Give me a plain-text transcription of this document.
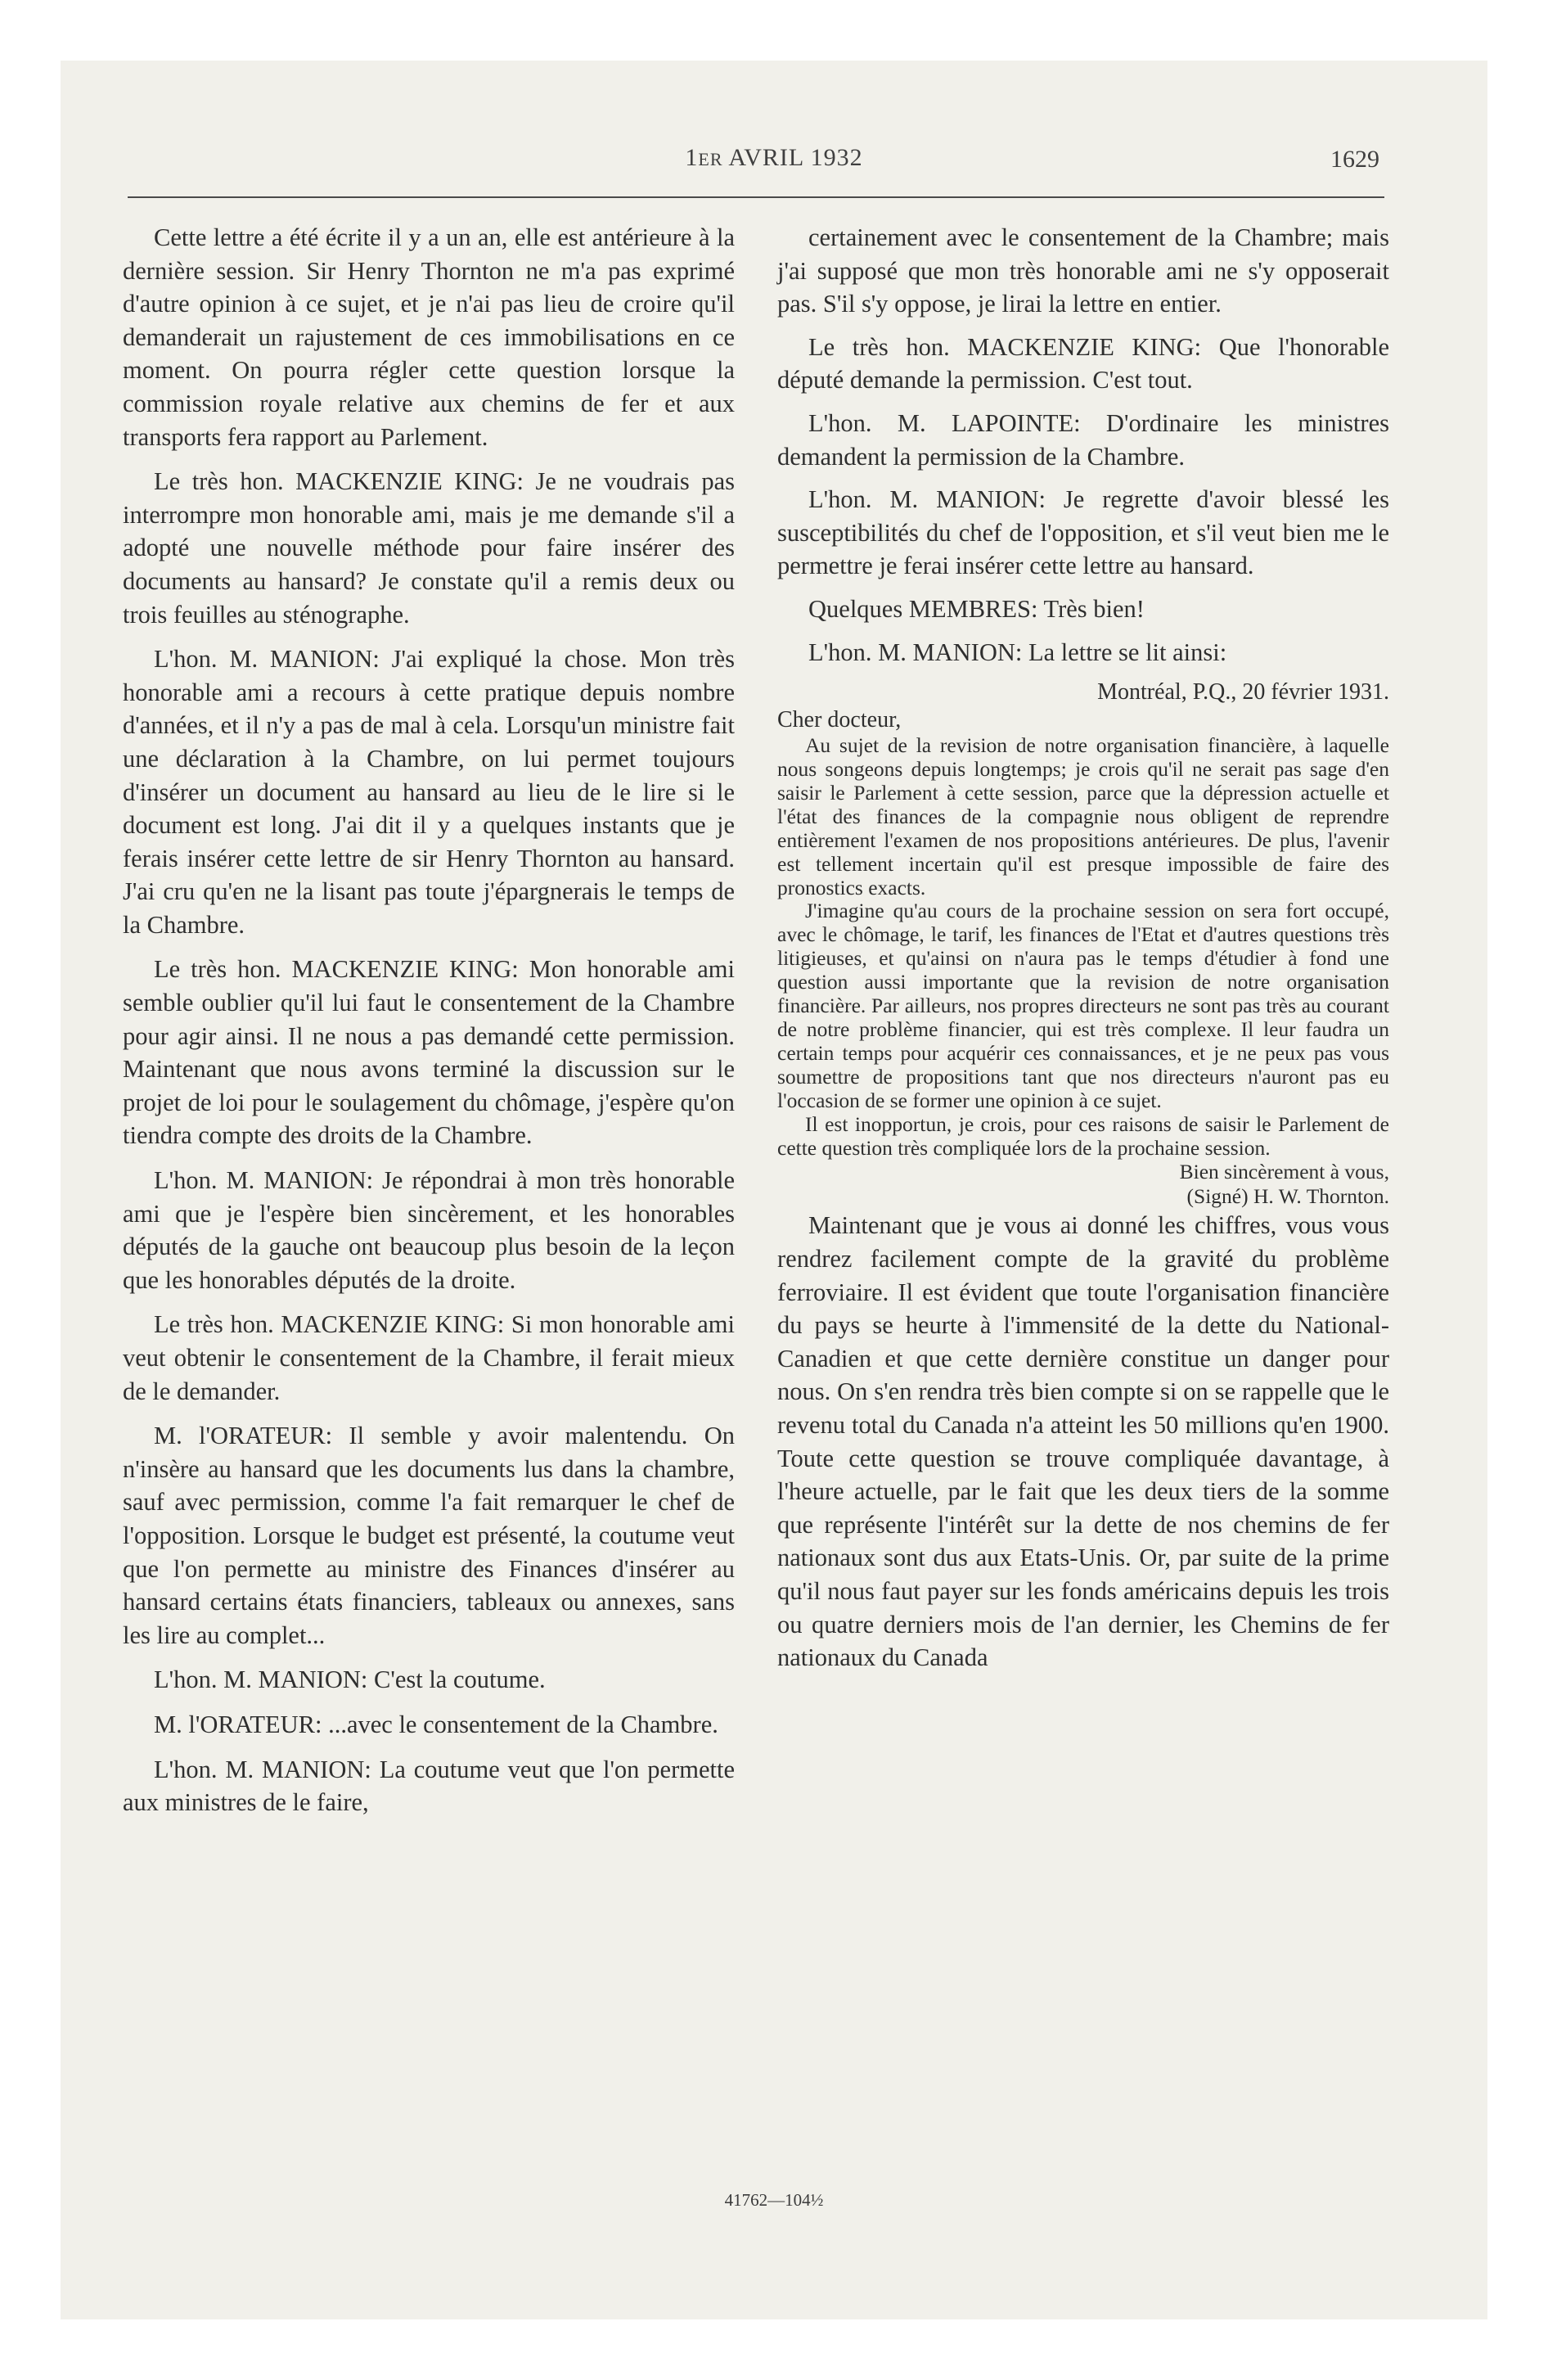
1ER AVRIL 1932	1629

Cette lettre a été écrite il y a un an, elle est antérieure à la dernière session. Sir Henry Thornton ne m'a pas exprimé d'autre opinion à ce sujet, et je n'ai pas lieu de croire qu'il demanderait un rajustement de ces immobilisations en ce moment. On pourra régler cette question lorsque la commission royale relative aux chemins de fer et aux transports fera rapport au Parlement.

Le très hon. MACKENZIE KING: Je ne voudrais pas interrompre mon honorable ami, mais je me demande s'il a adopté une nouvelle méthode pour faire insérer des documents au hansard? Je constate qu'il a remis deux ou trois feuilles au sténographe.

L'hon. M. MANION: J'ai expliqué la chose. Mon très honorable ami a recours à cette pratique depuis nombre d'années, et il n'y a pas de mal à cela. Lorsqu'un ministre fait une déclaration à la Chambre, on lui permet toujours d'insérer un document au hansard au lieu de le lire si le document est long. J'ai dit il y a quelques instants que je ferais insérer cette lettre de sir Henry Thornton au hansard. J'ai cru qu'en ne la lisant pas toute j'épargnerais le temps de la Chambre.

Le très hon. MACKENZIE KING: Mon honorable ami semble oublier qu'il lui faut le consentement de la Chambre pour agir ainsi. Il ne nous a pas demandé cette permission. Maintenant que nous avons terminé la discussion sur le projet de loi pour le soulagement du chômage, j'espère qu'on tiendra compte des droits de la Chambre.

L'hon. M. MANION: Je répondrai à mon très honorable ami que je l'espère bien sincèrement, et les honorables députés de la gauche ont beaucoup plus besoin de la leçon que les honorables députés de la droite.

Le très hon. MACKENZIE KING: Si mon honorable ami veut obtenir le consentement de la Chambre, il ferait mieux de le demander.

M. l'ORATEUR: Il semble y avoir malentendu. On n'insère au hansard que les documents lus dans la chambre, sauf avec permission, comme l'a fait remarquer le chef de l'opposition. Lorsque le budget est présenté, la coutume veut que l'on permette au ministre des Finances d'insérer au hansard certains états financiers, tableaux ou annexes, sans les lire au complet...

L'hon. M. MANION: C'est la coutume.

M. l'ORATEUR: ...avec le consentement de la Chambre.

L'hon. M. MANION: La coutume veut que l'on permette aux ministres de le faire,

certainement avec le consentement de la Chambre; mais j'ai supposé que mon très honorable ami ne s'y opposerait pas. S'il s'y oppose, je lirai la lettre en entier.

Le très hon. MACKENZIE KING: Que l'honorable député demande la permission. C'est tout.

L'hon. M. LAPOINTE: D'ordinaire les ministres demandent la permission de la Chambre.

L'hon. M. MANION: Je regrette d'avoir blessé les susceptibilités du chef de l'opposition, et s'il veut bien me le permettre je ferai insérer cette lettre au hansard.

Quelques MEMBRES: Très bien!

L'hon. M. MANION: La lettre se lit ainsi:

Montréal, P.Q., 20 février 1931.

Cher docteur,

Au sujet de la revision de notre organisation financière, à laquelle nous songeons depuis longtemps; je crois qu'il ne serait pas sage d'en saisir le Parlement à cette session, parce que la dépression actuelle et l'état des finances de la compagnie nous obligent de reprendre entièrement l'examen de nos propositions antérieures. De plus, l'avenir est tellement incertain qu'il est presque impossible de faire des pronostics exacts.

J'imagine qu'au cours de la prochaine session on sera fort occupé, avec le chômage, le tarif, les finances de l'Etat et d'autres questions très litigieuses, et qu'ainsi on n'aura pas le temps d'étudier à fond une question aussi importante que la revision de notre organisation financière. Par ailleurs, nos propres directeurs ne sont pas très au courant de notre problème financier, qui est très complexe. Il leur faudra un certain temps pour acquérir ces connaissances, et je ne peux pas vous soumettre de propositions tant que nos directeurs n'auront pas eu l'occasion de se former une opinion à ce sujet.

Il est inopportun, je crois, pour ces raisons de saisir le Parlement de cette question très compliquée lors de la prochaine session.

Bien sincèrement à vous,

(Signé) H. W. Thornton.

Maintenant que je vous ai donné les chiffres, vous vous rendrez facilement compte de la gravité du problème ferroviaire. Il est évident que toute l'organisation financière du pays se heurte à l'immensité de la dette du National-Canadien et que cette dernière constitue un danger pour nous. On s'en rendra très bien compte si on se rappelle que le revenu total du Canada n'a atteint les 50 millions qu'en 1900. Toute cette question se trouve compliquée davantage, à l'heure actuelle, par le fait que les deux tiers de la somme que représente l'intérêt sur la dette de nos chemins de fer nationaux sont dus aux Etats-Unis. Or, par suite de la prime qu'il nous faut payer sur les fonds américains depuis les trois ou quatre derniers mois de l'an dernier, les Chemins de fer nationaux du Canada

41762—104½
